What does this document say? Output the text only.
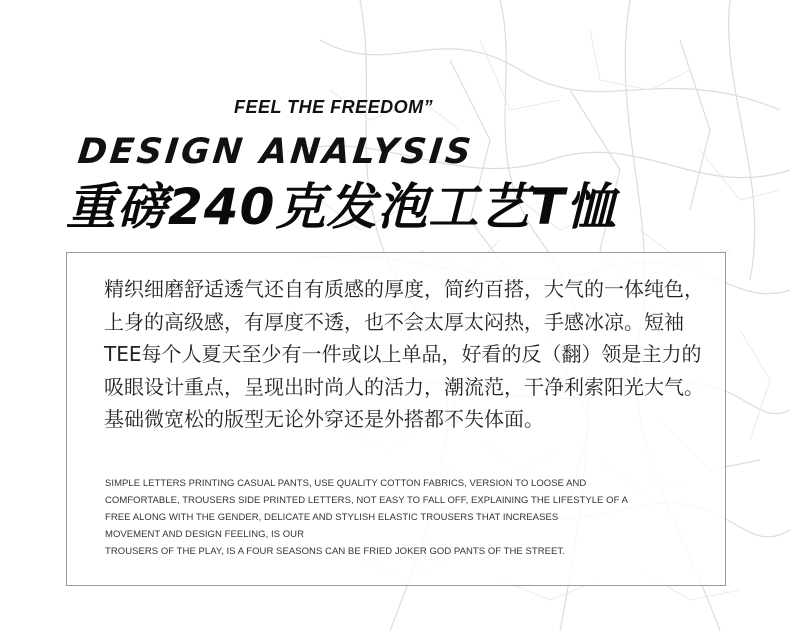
FEEL THE FREEDOM”
DESIGN ANALYSIS
重磅240克发泡工艺T恤

精织细磨舒适透气还自有质感的厚度，简约百搭，大气的一体纯色，上身的高级感，有厚度不透，也不会太厚太闷热，手感冰凉。短袖TEE每个人夏天至少有一件或以上单品，好看的反（翻）领是主力的吸眼设计重点，呈现出时尚人的活力，潮流范，干净利索阳光大气。基础微宽松的版型无论外穿还是外搭都不失体面。

SIMPLE LETTERS PRINTING CASUAL PANTS, USE QUALITY COTTON FABRICS, VERSION TO LOOSE AND
COMFORTABLE, TROUSERS SIDE PRINTED LETTERS, NOT EASY TO FALL OFF, EXPLAINING THE LIFESTYLE OF A
FREE ALONG WITH THE GENDER, DELICATE AND STYLISH ELASTIC TROUSERS THAT INCREASES
MOVEMENT AND DESIGN FEELING, IS OUR
TROUSERS OF THE PLAY, IS A FOUR SEASONS CAN BE FRIED JOKER GOD PANTS OF THE STREET.
